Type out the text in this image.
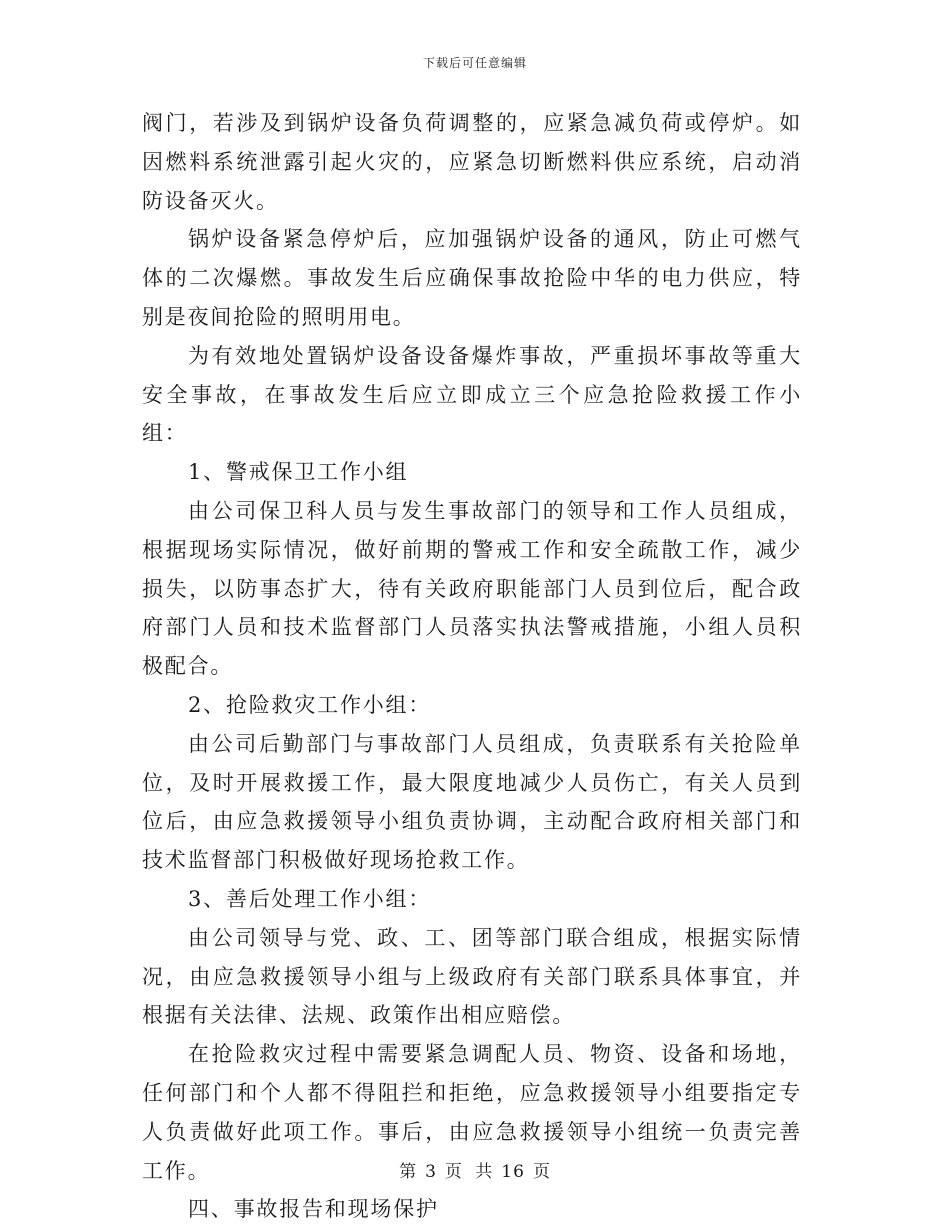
下载后可任意编辑

阀门，若涉及到锅炉设备负荷调整的，应紧急减负荷或停炉。如因燃料系统泄露引起火灾的，应紧急切断燃料供应系统，启动消防设备灭火。

锅炉设备紧急停炉后，应加强锅炉设备的通风，防止可燃气体的二次爆燃。事故发生后应确保事故抢险中华的电力供应，特别是夜间抢险的照明用电。

为有效地处置锅炉设备设备爆炸事故，严重损坏事故等重大安全事故，在事故发生后应立即成立三个应急抢险救援工作小组：

1、警戒保卫工作小组

由公司保卫科人员与发生事故部门的领导和工作人员组成，根据现场实际情况，做好前期的警戒工作和安全疏散工作，减少损失，以防事态扩大，待有关政府职能部门人员到位后，配合政府部门人员和技术监督部门人员落实执法警戒措施，小组人员积极配合。

2、抢险救灾工作小组：

由公司后勤部门与事故部门人员组成，负责联系有关抢险单位，及时开展救援工作，最大限度地减少人员伤亡，有关人员到位后，由应急救援领导小组负责协调，主动配合政府相关部门和技术监督部门积极做好现场抢救工作。

3、善后处理工作小组：

由公司领导与党、政、工、团等部门联合组成，根据实际情况，由应急救援领导小组与上级政府有关部门联系具体事宜，并根据有关法律、法规、政策作出相应赔偿。

在抢险救灾过程中需要紧急调配人员、物资、设备和场地，任何部门和个人都不得阻拦和拒绝，应急救援领导小组要指定专人负责做好此项工作。事后，由应急救援领导小组统一负责完善工作。

四、事故报告和现场保护

第 3 页 共 16 页
